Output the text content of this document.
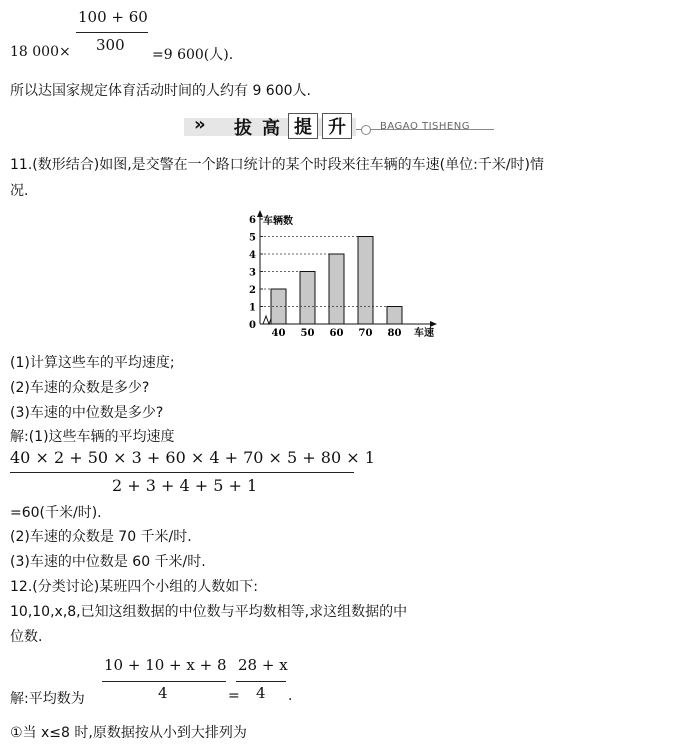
100 + 60
300
18 000×	=9 600(人).
所以达国家规定体育活动时间的人约有 9 600人.
» 拔 高 提 升	BAGAO TISHENG
11.(数形结合)如图,是交警在一个路口统计的某个时段来往车辆的车速(单位:千米/时)情
况.
0
1
2
3
4
5
6 车辆数
40 50 60 70 80 车速
(1)计算这些车的平均速度;
(2)车速的众数是多少?
(3)车速的中位数是多少?
解:(1)这些车辆的平均速度
40 × 2 + 50 × 3 + 60 × 4 + 70 × 5 + 80 × 1
2 + 3 + 4 + 5 + 1
=60(千米/时).
(2)车速的众数是 70 千米/时.
(3)车速的中位数是 60 千米/时.
12.(分类讨论)某班四个小组的人数如下:
10,10,x,8,已知这组数据的中位数与平均数相等,求这组数据的中
位数.
10 + 10 + x + 8
4
28 + x
4
解:平均数为	=	.
①当 x≤8 时,原数据按从小到大排列为
